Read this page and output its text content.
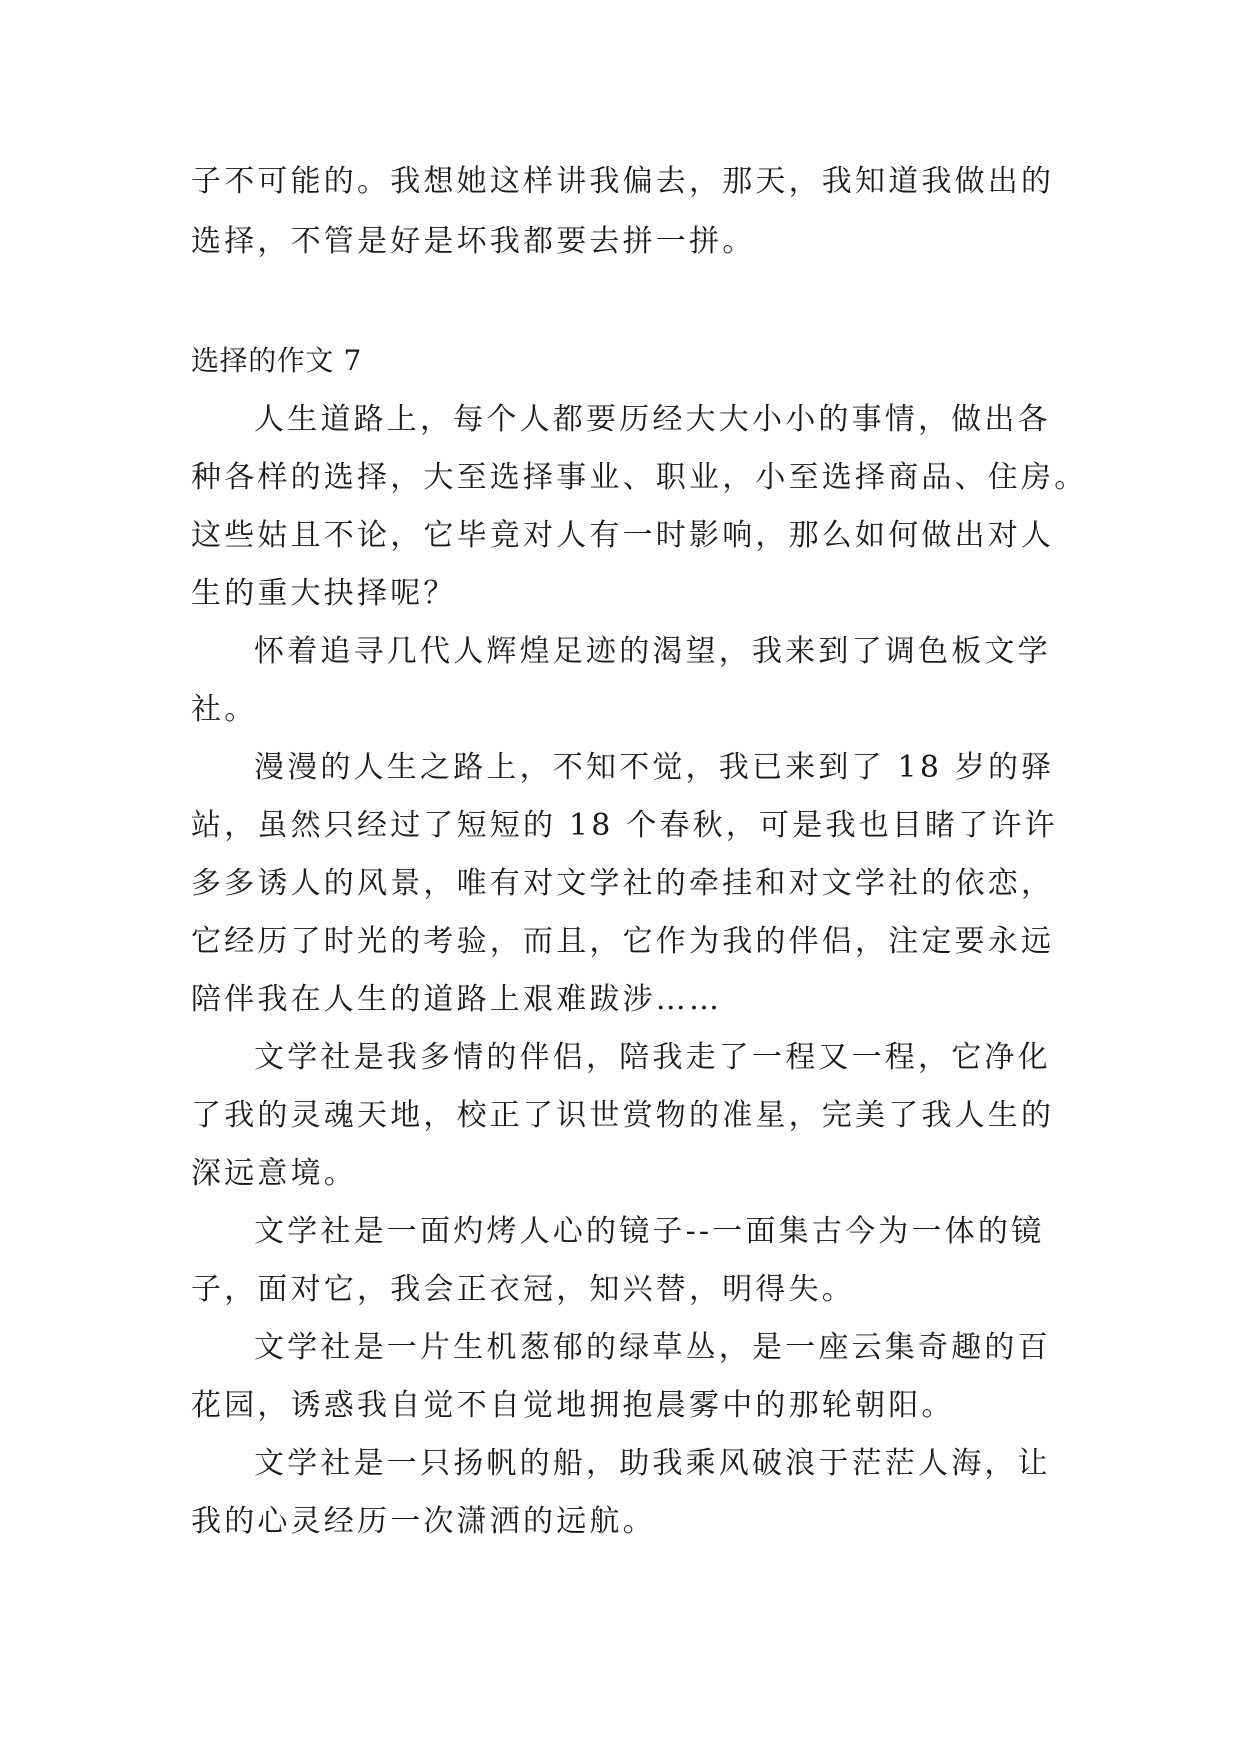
子不可能的。我想她这样讲我偏去，那天，我知道我做出的
选择，不管是好是坏我都要去拼一拼。
选择的作文 7
人生道路上，每个人都要历经大大小小的事情，做出各
种各样的选择，大至选择事业、职业，小至选择商品、住房。
这些姑且不论，它毕竟对人有一时影响，那么如何做出对人
生的重大抉择呢？
怀着追寻几代人辉煌足迹的渴望，我来到了调色板文学
社。
漫漫的人生之路上，不知不觉，我已来到了 18 岁的驿
站，虽然只经过了短短的 18 个春秋，可是我也目睹了许许
多多诱人的风景，唯有对文学社的牵挂和对文学社的依恋，
它经历了时光的考验，而且，它作为我的伴侣，注定要永远
陪伴我在人生的道路上艰难跋涉……
文学社是我多情的伴侣，陪我走了一程又一程，它净化
了我的灵魂天地，校正了识世赏物的准星，完美了我人生的
深远意境。
文学社是一面灼烤人心的镜子--一面集古今为一体的镜
子，面对它，我会正衣冠，知兴替，明得失。
文学社是一片生机葱郁的绿草丛，是一座云集奇趣的百
花园，诱惑我自觉不自觉地拥抱晨雾中的那轮朝阳。
文学社是一只扬帆的船，助我乘风破浪于茫茫人海，让
我的心灵经历一次潇洒的远航。
